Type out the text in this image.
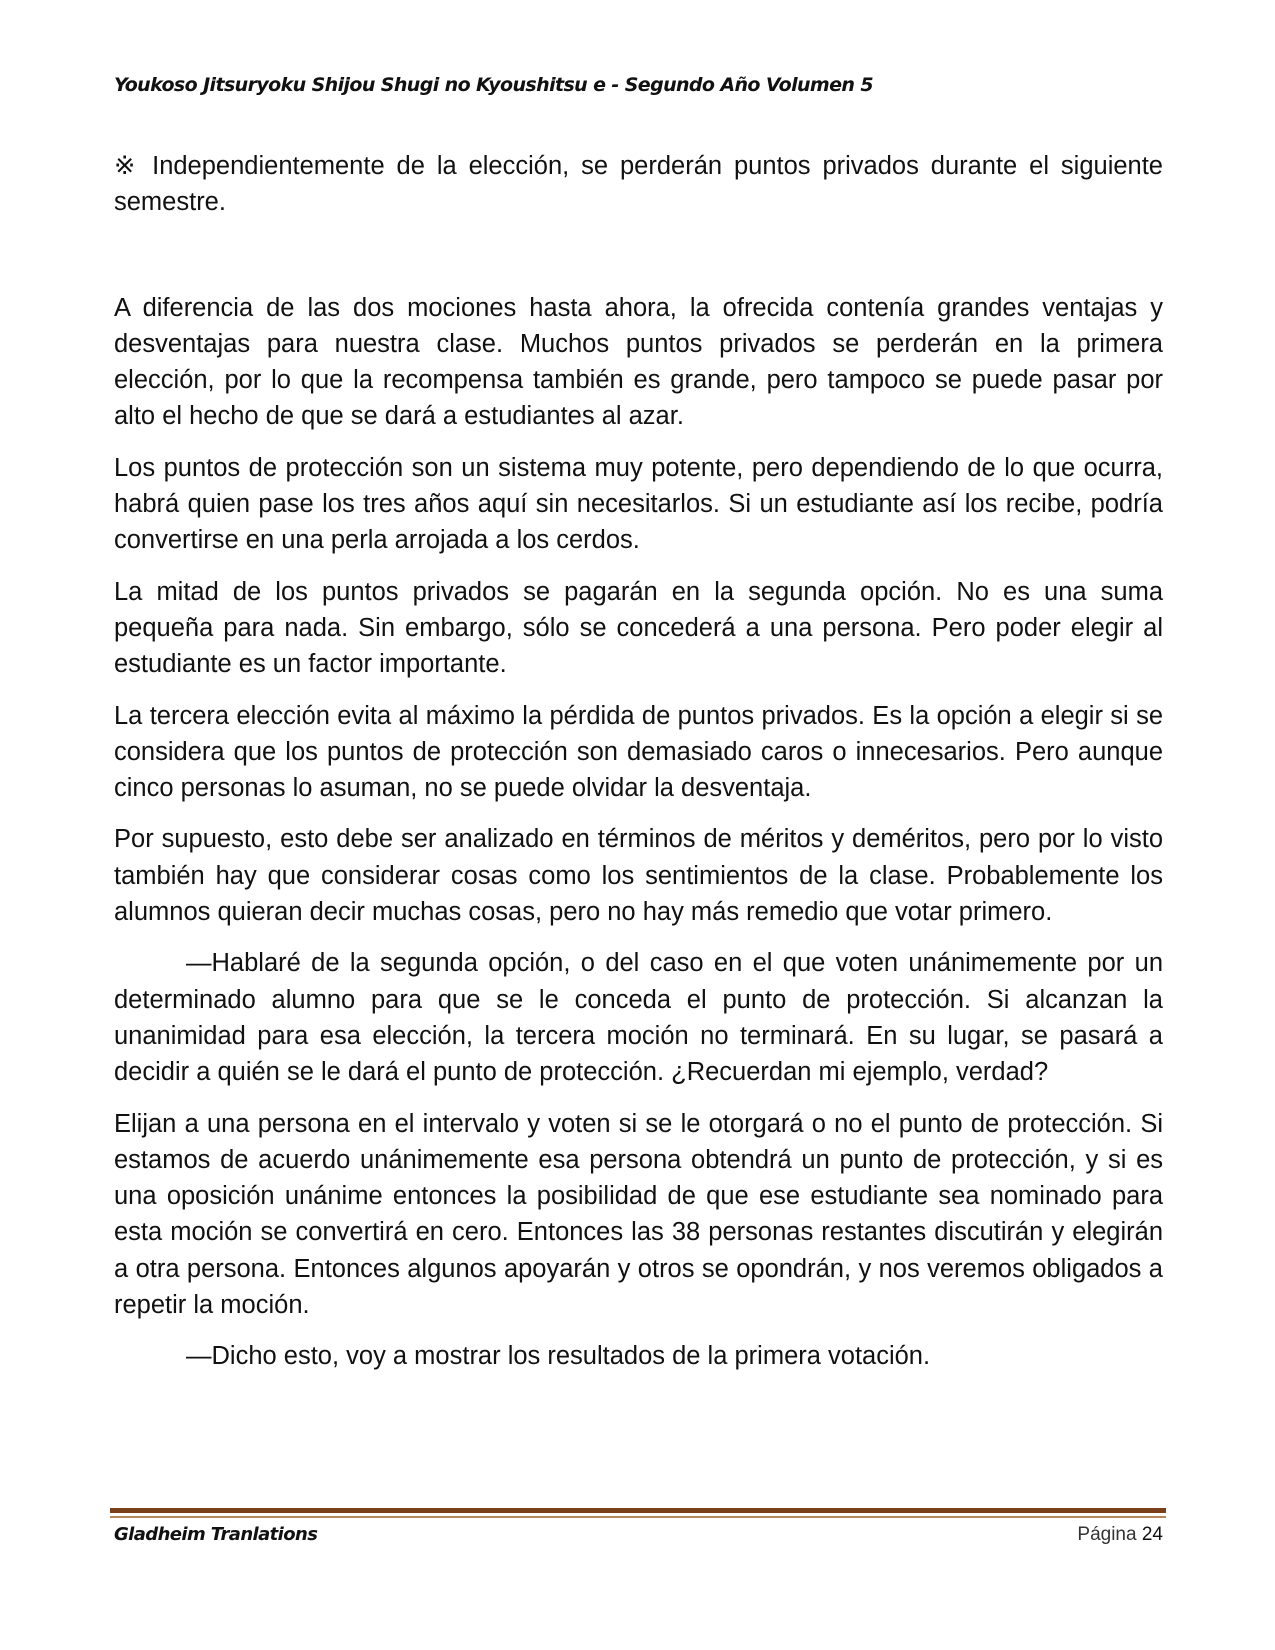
Youkoso Jitsuryoku Shijou Shugi no Kyoushitsu e - Segundo Año Volumen 5

※ Independientemente de la elección, se perderán puntos privados durante el siguiente semestre.

A diferencia de las dos mociones hasta ahora, la ofrecida contenía grandes ventajas y desventajas para nuestra clase. Muchos puntos privados se perderán en la primera elección, por lo que la recompensa también es grande, pero tampoco se puede pasar por alto el hecho de que se dará a estudiantes al azar.

Los puntos de protección son un sistema muy potente, pero dependiendo de lo que ocurra, habrá quien pase los tres años aquí sin necesitarlos. Si un estudiante así los recibe, podría convertirse en una perla arrojada a los cerdos.

La mitad de los puntos privados se pagarán en la segunda opción. No es una suma pequeña para nada. Sin embargo, sólo se concederá a una persona. Pero poder elegir al estudiante es un factor importante.

La tercera elección evita al máximo la pérdida de puntos privados. Es la opción a elegir si se considera que los puntos de protección son demasiado caros o innecesarios. Pero aunque cinco personas lo asuman, no se puede olvidar la desventaja.

Por supuesto, esto debe ser analizado en términos de méritos y deméritos, pero por lo visto también hay que considerar cosas como los sentimientos de la clase. Probablemente los alumnos quieran decir muchas cosas, pero no hay más remedio que votar primero.

—Hablaré de la segunda opción, o del caso en el que voten unánimemente por un determinado alumno para que se le conceda el punto de protección. Si alcanzan la unanimidad para esa elección, la tercera moción no terminará. En su lugar, se pasará a decidir a quién se le dará el punto de protección. ¿Recuerdan mi ejemplo, verdad?

Elijan a una persona en el intervalo y voten si se le otorgará o no el punto de protección. Si estamos de acuerdo unánimemente esa persona obtendrá un punto de protección, y si es una oposición unánime entonces la posibilidad de que ese estudiante sea nominado para esta moción se convertirá en cero. Entonces las 38 personas restantes discutirán y elegirán a otra persona. Entonces algunos apoyarán y otros se opondrán, y nos veremos obligados a repetir la moción.

—Dicho esto, voy a mostrar los resultados de la primera votación.

Gladheim Tranlations	Página 24
